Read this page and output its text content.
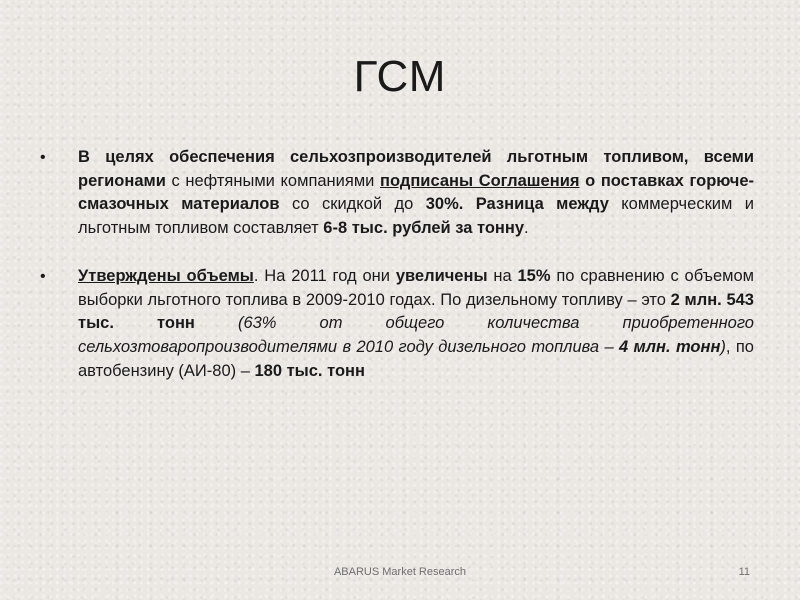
ГСМ
• В целях обеспечения сельхозпроизводителей льготным топливом, всеми регионами с нефтяными компаниями подписаны Соглашения о поставках горюче-смазочных материалов со скидкой до 30%. Разница между коммерческим и льготным топливом составляет 6-8 тыс. рублей за тонну.
• Утверждены объемы. На 2011 год они увеличены на 15% по сравнению с объемом выборки льготного топлива в 2009-2010 годах. По дизельному топливу – это 2 млн. 543 тыс. тонн (63% от общего количества приобретенного сельхозтоваропроизводителями в 2010 году дизельного топлива – 4 млн. тонн), по автобензину (АИ-80) – 180 тыс. тонн
ABARUS Market Research	11
